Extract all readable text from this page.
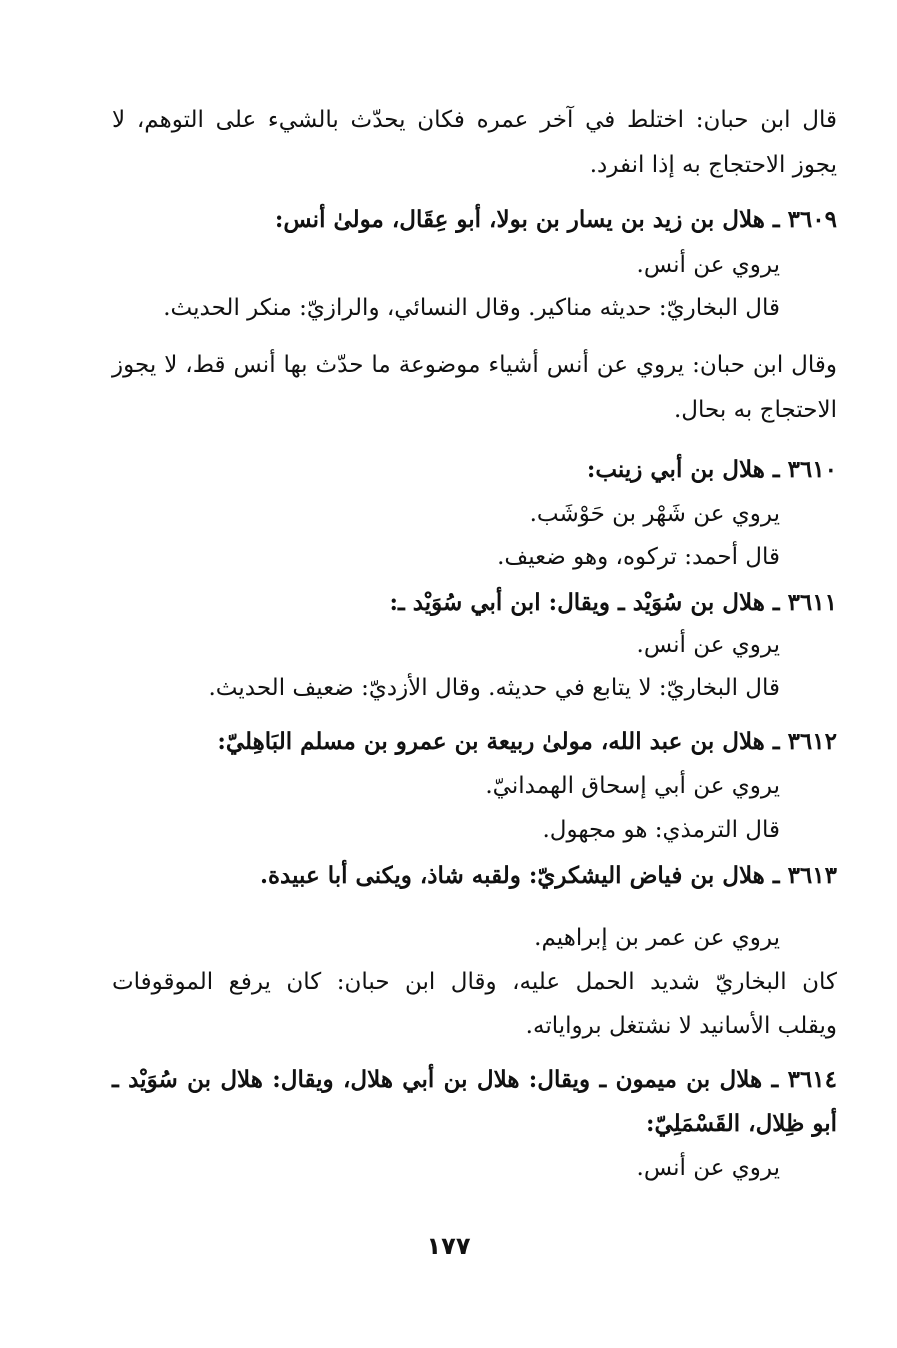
قال ابن حبان: اختلط في آخر عمره فكان يحدّث بالشيء على التوهم، لا
يجوز الاحتجاج به إذا انفرد.
٣٦٠٩ ـ هلال بن زيد بن يسار بن بولا، أبو عِقَال، مولىٰ أنس:
يروي عن أنس.
قال البخاريّ: حديثه مناكير. وقال النسائي، والرازيّ: منكر الحديث.
وقال ابن حبان: يروي عن أنس أشياء موضوعة ما حدّث بها أنس قط، لا يجوز
الاحتجاج به بحال.
٣٦١٠ ـ هلال بن أبي زينب:
يروي عن شَهْر بن حَوْشَب.
قال أحمد: تركوه، وهو ضعيف.
٣٦١١ ـ هلال بن سُوَيْد ـ ويقال: ابن أبي سُوَيْد ـ:
يروي عن أنس.
قال البخاريّ: لا يتابع في حديثه. وقال الأزديّ: ضعيف الحديث.
٣٦١٢ ـ هلال بن عبد الله، مولىٰ ربيعة بن عمرو بن مسلم البَاهِليّ:
يروي عن أبي إسحاق الهمدانيّ.
قال الترمذي: هو مجهول.
٣٦١٣ ـ هلال بن فياض اليشكريّ: ولقبه شاذ، ويكنى أبا عبيدة.
يروي عن عمر بن إبراهيم.
كان البخاريّ شديد الحمل عليه، وقال ابن حبان: كان يرفع الموقوفات
ويقلب الأسانيد لا نشتغل برواياته.
٣٦١٤ ـ هلال بن ميمون ـ ويقال: هلال بن أبي هلال، ويقال: هلال بن سُوَيْد ـ
أبو ظِلال، القَسْمَلِيّ:
يروي عن أنس.
١٧٧
